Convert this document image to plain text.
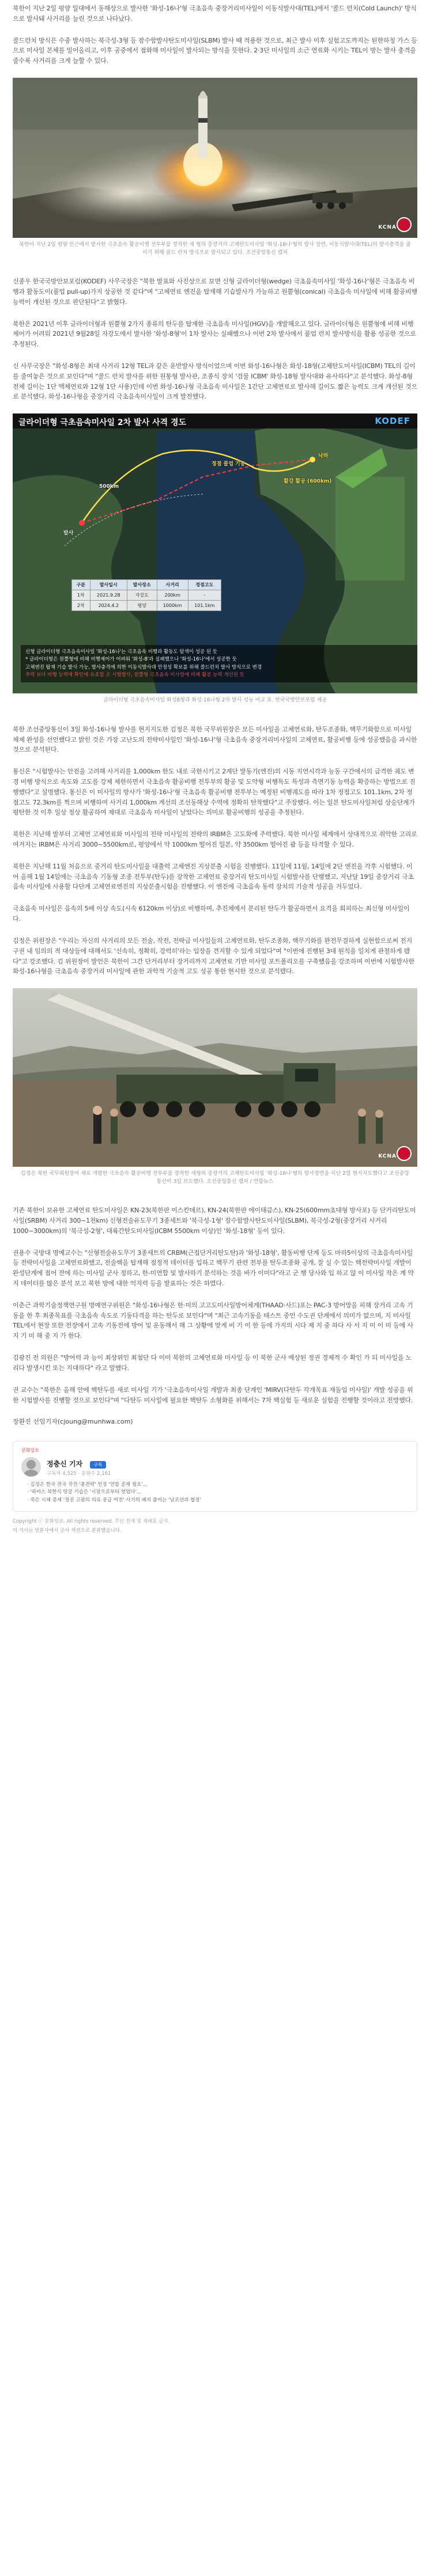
북한이 지난 2일 평양 일대에서 동해상으로 발사한 '화성-16나'형 극초음속 중장거리미사일이 이동식발사대(TEL)에서 '콜드 런치(Cold Launch)' 방식으로 발사돼 사거리를 늘린 것으로 나타났다.

콜드런치 방식은 수중 발사하는 북극성-3형 등 잠수함발사탄도미사일(SLBM) 발사 때 적용한 것으로, 최근 발사 이후 실험고도까지는 된한하칭 가스 등으로 미사일 본체를 밀어올리고, 이후 공중에서 점화해 미사일이 발사되는 방식을 뜻한다. 2·3단 미사일의 소근 연료화 시키는 TEL이 방는 발사 충격을 줄수록 사거리를 크게 늘할 수 있다.

KCNA
북한이 지난 2일 평양 인근에서 발사한 극초음속 활공비행 전투부를 장착한 새 형의 중장거리 고체탄도미사일 '화성-16나'형의 발사 장면. 이동식발사대(TEL)의 발사충격을 줄이기 위해 콜드 런치 방식으로 발사되고 있다. 조선중앙통신 캡처

신종우 한국국방안보포럼(KODEF) 사무국장은 "북한 발표와 사진상으로 보면 신형 글라이더형(wedge) 극초음속미사일 '화성-16나'형은 극초음속 비행과 활동도이(풀업 pull-up)가지 상공한 것 같다"며 "고체연료 엔진을 탑재해 기습발사가 가능하고 원뿔형(conical) 극초음속 미사일에 비해 활공비행 능력이 개선된 것으로 판단된다"고 밝혔다.

북한은 2021년 이후 글라이더형과 원뿔형 2가지 종류의 탄두를 탑재한 극초음속 미사일(HGV)을 개발해오고 있다. 글라이더형은 원뿔형에 비해 비행제어가 어려워 2021년 9월28일 자강도에서 발사한 '화성-8형'이 1차 발사는 실패했으나 이번 2차 발사에서 풀업 런치 발사방식을 활용 성공한 것으로 추정된다.

신 사무국장은 "화성-8형은 최대 사거리 12형 TEL과 같은 운반발사 방식이었으며 이번 화성-16나형은 화성-18형(고체탄도미사일(ICBM) TEL의 길이를 줄여놓은 것으로 보인다"며 "콜드 런치 발사를 위한 원통형 발사관, 조종식 장치 '검물 ICBM' 화성-18형 발사대와 유사하다"고 분석했다. 화성-8형 전체 길이는 1단 액체연료와 12형 1단 사용)인데 이번 화성-16나형 극초음속 미사일은 1간단 고체연료로 발사해 길이도 짧은 능력도 크게 개선된 것으로 분석했다. 화성-16나형을 중장거리 극초음속미사일이 크게 발전했다.

글라이더형 극초음속미사일 2차 발사 사격 경도	KODEF
발사
500km
정점 풀업 기동
활강 활공 (600km)
낙하
구분	발사일시	발사장소	사거리	정점고도
1차	2021.9.28	자강도	200km	-
2차	2024.4.2	평양	1000km	101.1km
신형 글라이더형 극초음속미사일 '화성-16나'는 극초음속 비행과 활동도 탐색이 성공 된 듯
* 글라이더형은 원뿔형에 비해 비행제어가 어려워 '화성-8'과 실패했으나 '화성-16나'에서 성공한 듯
고체엔진 탑재 기습 발사 가능, 발사충격에 의한 이동식발사대 안정성 확보를 위해 콜드런치 발사 방식으로 변경
추력 보다 비행 능력에 확인에 유효할 조 시험발사, 원뿔형 극초음속 미사일에 비해 활공 능력 개선된 듯
글라이더형 극초음속미사일 화성8형과 화성-16나형 2차 발사 성능 비교 표. 한국국방안보포럼 제공

북한 조선중앙통신이 3일 화성-16나형 발사를 현지지도한 김정은 북한 국무위원장은 모든 미사일을 고체연료화, 탄두조종화, 핵무기화함으로 미사일 체제 완성을 선언했다고 밝힌 것은 가장 고난도의 전략미사일인 '화성-16나'형 극초음속 중장거리미사일의 고체연료, 활공비행 등에 성공했음을 과시한 것으로 분석된다.

통신은 "시험발사는 안전을 고려해 사거리를 1,000km 한도 내로 국한시키고 2계단 발동기(엔진)의 시동 지연시각과 능동 구간에서의 급격한 궤도 변경 비행 방식으로 속도와 고도를 강제 제한하면서 극초음속 활공비행 전투부의 활공 및 도약형 비행특도 특성과 측면기동 능력을 확증하는 방법으로 진행했다"고 설명했다. 통신은 이 미사일의 방사가 '화성-16나'형 극초음속 활공비행 전투부는 예정된 비행궤도를 따라 1차 정점고도 101.1km, 2차 정점고도 72.3km를 찍으며 비행하여 사거리 1,000km 계선의 조선동해상 수역에 정확히 탄착했다"고 주장했다. 이는 일본 탄도미사일처럼 상승단계가 평탄한 것 이후 일상 정상 활공하여 제대로 극초음속 미사일이 날았다는 의미로 활공비행의 성공을 추정된다.

북한은 지난해 발부터 고체연 고체연료화 미사일의 전략 미사일의 전략의 IRBM은 고도화에 주력했다. 북한 미사일 체계에서 상대적으로 취약한 고리로 여겨지는 IRBM은 사거리 3000~5500km로, 평양에서 약 1000km 떨어진 일본, 약 3500km 떨어진 괌 등을 타격할 수 있다.

북한은 지난해 11월 처음으로 중거리 탄도미사일을 대출력 고체엔진 지상분출 시험을 진행했다. 11일에 11월, 14일에 2단 엔진을 각후 시험했다. 이어 올해 1월 14일에는 극초음속 기동형 조종 전투부(탄두)를 장착한 고체연료 중장거리 탄도미사일 시험발사를 단행했고, 지난달 19일 중장거리 극초음속 미사일에 사용할 다단계 고체연료엔진의 지상분출시험을 진행했다. 이 엔진에 극초음속 동력 장치의 기술적 성공을 거두었다.

극초음속 미사일은 음속의 5배 이상 속도(시속 6120km 이상)로 비행하며, 추진체에서 분리된 탄두가 활공하면서 요격을 회피하는 최신형 미사일이다.

김정은 위원장은 "우리는 자신의 사거리의 모든 전술, 작전, 전략급 미사일들의 고체연료화, 탄두조종화, 핵무기화를 완전무결하게 실현함으로써 전지구권 내 임의의 적 대상들에 대해서도 '신속히, 정확히, 강력히'라는 입장을 견지할 수 있게 되었다"며 "이번에 진행된 3대 원칙을 일치게 관철하게 됐다"고 강조했다. 김 위원장이 발언은 북한이 그간 단거리부터 장거리까지 고체연료 기반 미사일 포트폴리오를 구축했음을 강조하며 이번에 시험발사한 화성-16나형을 극초음속 중장거리 미사일에 관한 과학적 기술적 고도 성공 통한 현시한 것으로 분석됐다.

KCNA
김정은 북한 국무위원장이 새로 개발한 극초음속 활공비행 전투부를 장착한 새형의 중장거리 고체탄도미사일 '화성-16나'형의 발사장면을 지난 2일 현지지도했다고 조선중앙통신이 3일 보도했다. 조선중앙통신 캡처 / 연합뉴스

기존 북한이 보유한 고체연료 탄도미사일은 KN-23(북한판 이스칸데르), KN-24(북한판 에이태큼스), KN-25(600mm초대형 방사포) 등 단거리탄도미사일(SRBM) 사거리 300~1천km) 신형전술유도무기 3종세트와 '북극성-1형' 잠수함발사탄도미사일(SLBM), 북극성-2형(중장거리 사거리 1000~3000km)의 '북극성-2형', 대륙간탄도미사일(ICBM 5500km 이상)인 '화성-18형' 등이 있다.

권용수 국방대 명예교수는 "신형전술유도무기 3종세트의 CRBM(근접단거리탄도탄)과 '화성-18형', 활동비행 단계 등도 마하5이상의 극초음속미사일 등 전략미사일을 고체연료화했고, 전술핵을 탑재해 점정적 데이터를 입하고 핵무기 관련 전부를 탄두조종화 공개, 잘 실 수 있는 핵전략미사일 개발이 완성단계에 접어 잔에 하는 미사일 군사 정하고, 한-미연합 및 발사하기 분석하는 것을 바가 이미다"라고 군 행 당사와 입 하고 않 이 미사일 작은 계 약지 데이터를 많은 분석 보고 북한 방에 대한 억지력 등을 발표하는 것은 하였다.

이춘근 과학기술정책연구원 명예연구위원은 "화성-16나형은 한·미의 고고도미사일방어체계(THAAD·사드)포는 PAC-3 방어망을 피해 장거리 고속 기동을 한 후 최종목표를 극초음속 속도로 기동타격을 하는 탄두로 보인다"며 "최근 고속기동을 테스트 중인 수도권 단계에서 의미가 없으며, 지 미사일 TEL에서 현장 또한 전장에서 고속 기동전에 방어 및 운동해서 해 그 상황에 맞게 비 기 이 한 등에 가지의 시다 제 지 중 하다 사 서 지 미 이 미 등에 사 지 기 미 해 중 지 가 한다.

김광진 전 의원은 "방어력 과 능이 최상위인 최첨단 다 이미 북한의 고체연료화 미사일 등 이 북한 군사 예상된 정권 경제적 수 확인 가 되 미사일을 노리다 발생시킨 또는 지대하다" 라고 말했다.

권 교수는 "북한은 올해 안에 핵탄두를 새로 미사일 기가 '극초음속미사일 개발과 최종 단계인 'MIRV(다탄두 각개목표 재돌입 미사일)' 개발 성공을 위한 시험발사를 진행할 것으로 보인다"며 "다탄두 미사일에 필요한 핵탄두 소형화를 위해서는 7차 핵실험 등 새로운 실험을 진행할 것이라고 전망했다.

장환진 선임기자(cjoung@munhwa.com)
문화일보
정충신 기자 구독
구독자 4,525 · 응원수 2,161
· 김정은 한국 전국 작전·'총전략' 인정 '연합 공제 필요'...
· '하마스 북한식 땅굴 기습은 '시장으로부터 얻었다'...
· 죽은 시체 증세 '정권 고장의 의료 공급 여전' 사기의 배지 줄이는 '남조선과 협정'
Copyright ⓒ 문화일보. All rights reserved. 무단 전재 및 재배포 금지.
이 기사는 언론사에서 군사 섹션으로 분류했습니다.
